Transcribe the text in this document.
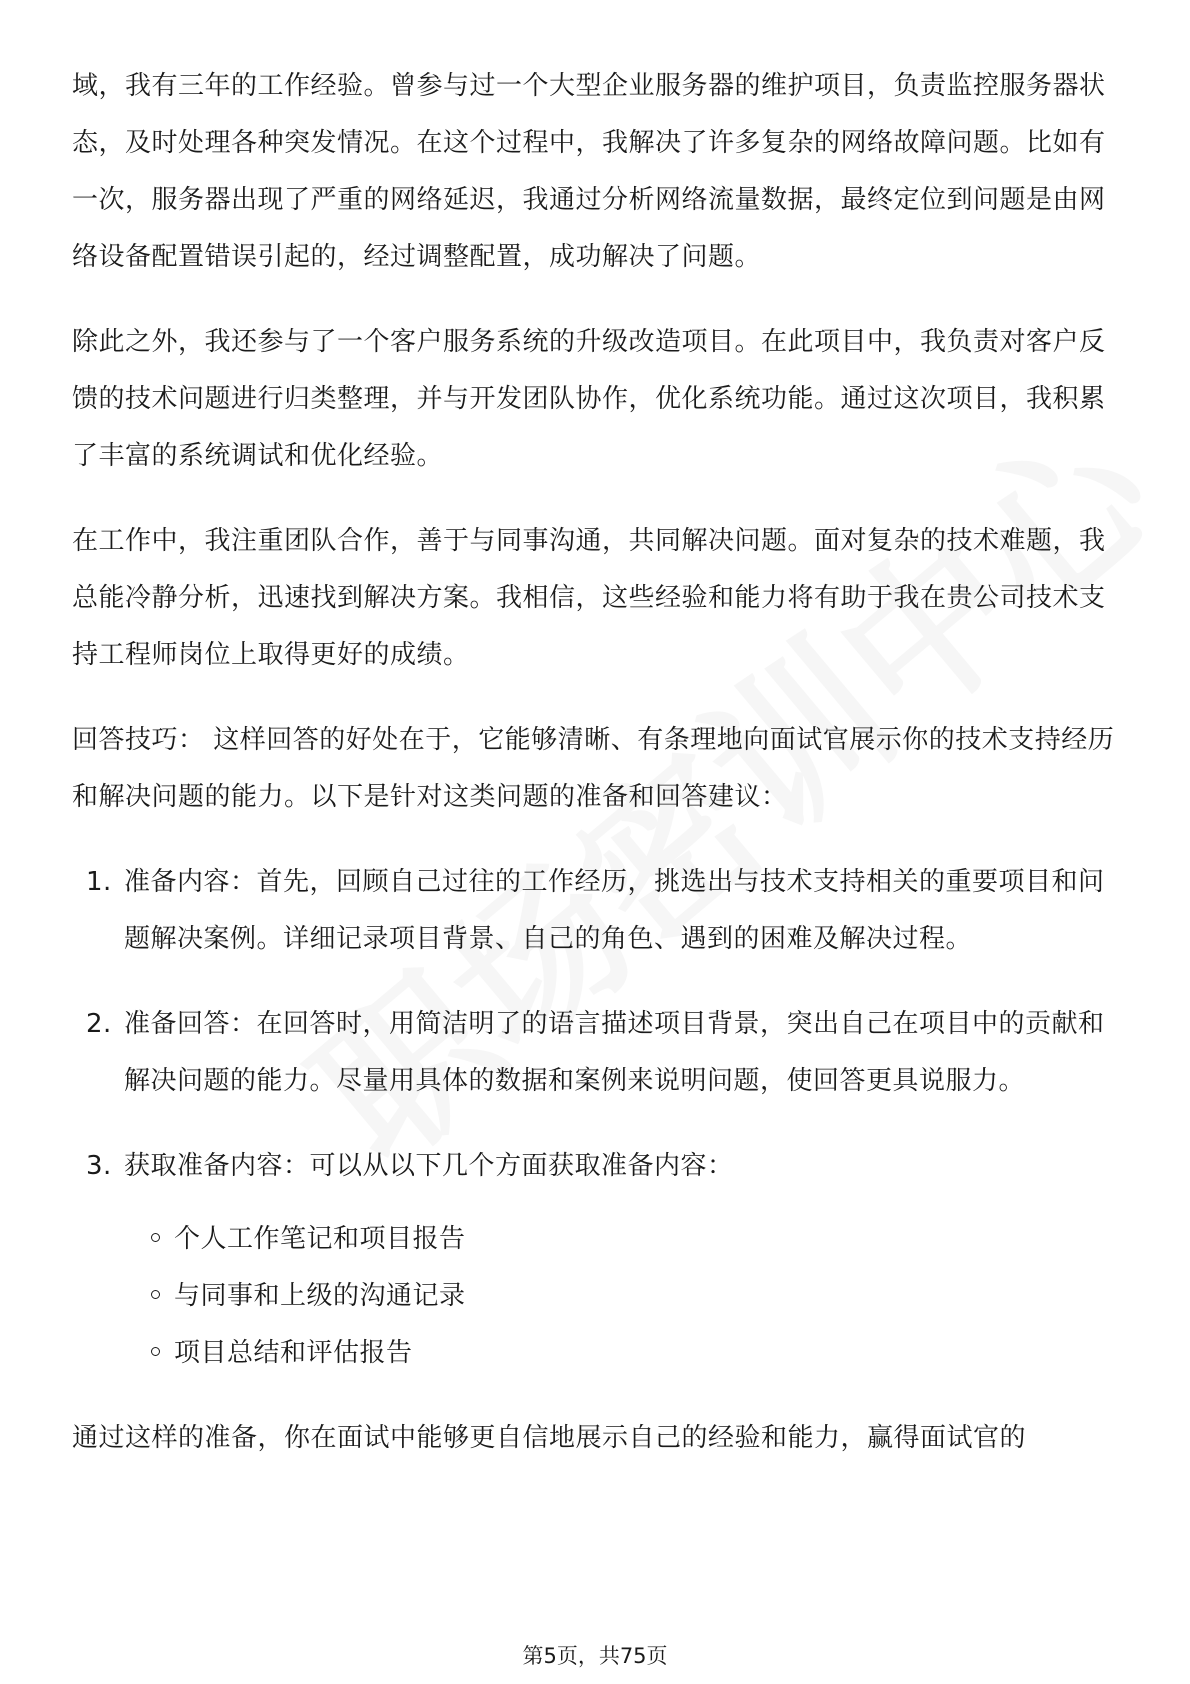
域，我有三年的工作经验。曾参与过一个大型企业服务器的维护项目，负责监控服务器状态，及时处理各种突发情况。在这个过程中，我解决了许多复杂的网络故障问题。比如有一次，服务器出现了严重的网络延迟，我通过分析网络流量数据，最终定位到问题是由网络设备配置错误引起的，经过调整配置，成功解决了问题。

除此之外，我还参与了一个客户服务系统的升级改造项目。在此项目中，我负责对客户反馈的技术问题进行归类整理，并与开发团队协作，优化系统功能。通过这次项目，我积累了丰富的系统调试和优化经验。

在工作中，我注重团队合作，善于与同事沟通，共同解决问题。面对复杂的技术难题，我总能冷静分析，迅速找到解决方案。我相信，这些经验和能力将有助于我在贵公司技术支持工程师岗位上取得更好的成绩。

回答技巧： 这样回答的好处在于，它能够清晰、有条理地向面试官展示你的技术支持经历和解决问题的能力。以下是针对这类问题的准备和回答建议：

1. 准备内容：首先，回顾自己过往的工作经历，挑选出与技术支持相关的重要项目和问题解决案例。详细记录项目背景、自己的角色、遇到的困难及解决过程。
2. 准备回答：在回答时，用简洁明了的语言描述项目背景，突出自己在项目中的贡献和解决问题的能力。尽量用具体的数据和案例来说明问题，使回答更具说服力。
3. 获取准备内容：可以从以下几个方面获取准备内容：
个人工作笔记和项目报告
与同事和上级的沟通记录
项目总结和评估报告

通过这样的准备，你在面试中能够更自信地展示自己的经验和能力，赢得面试官的

第5页，共75页
